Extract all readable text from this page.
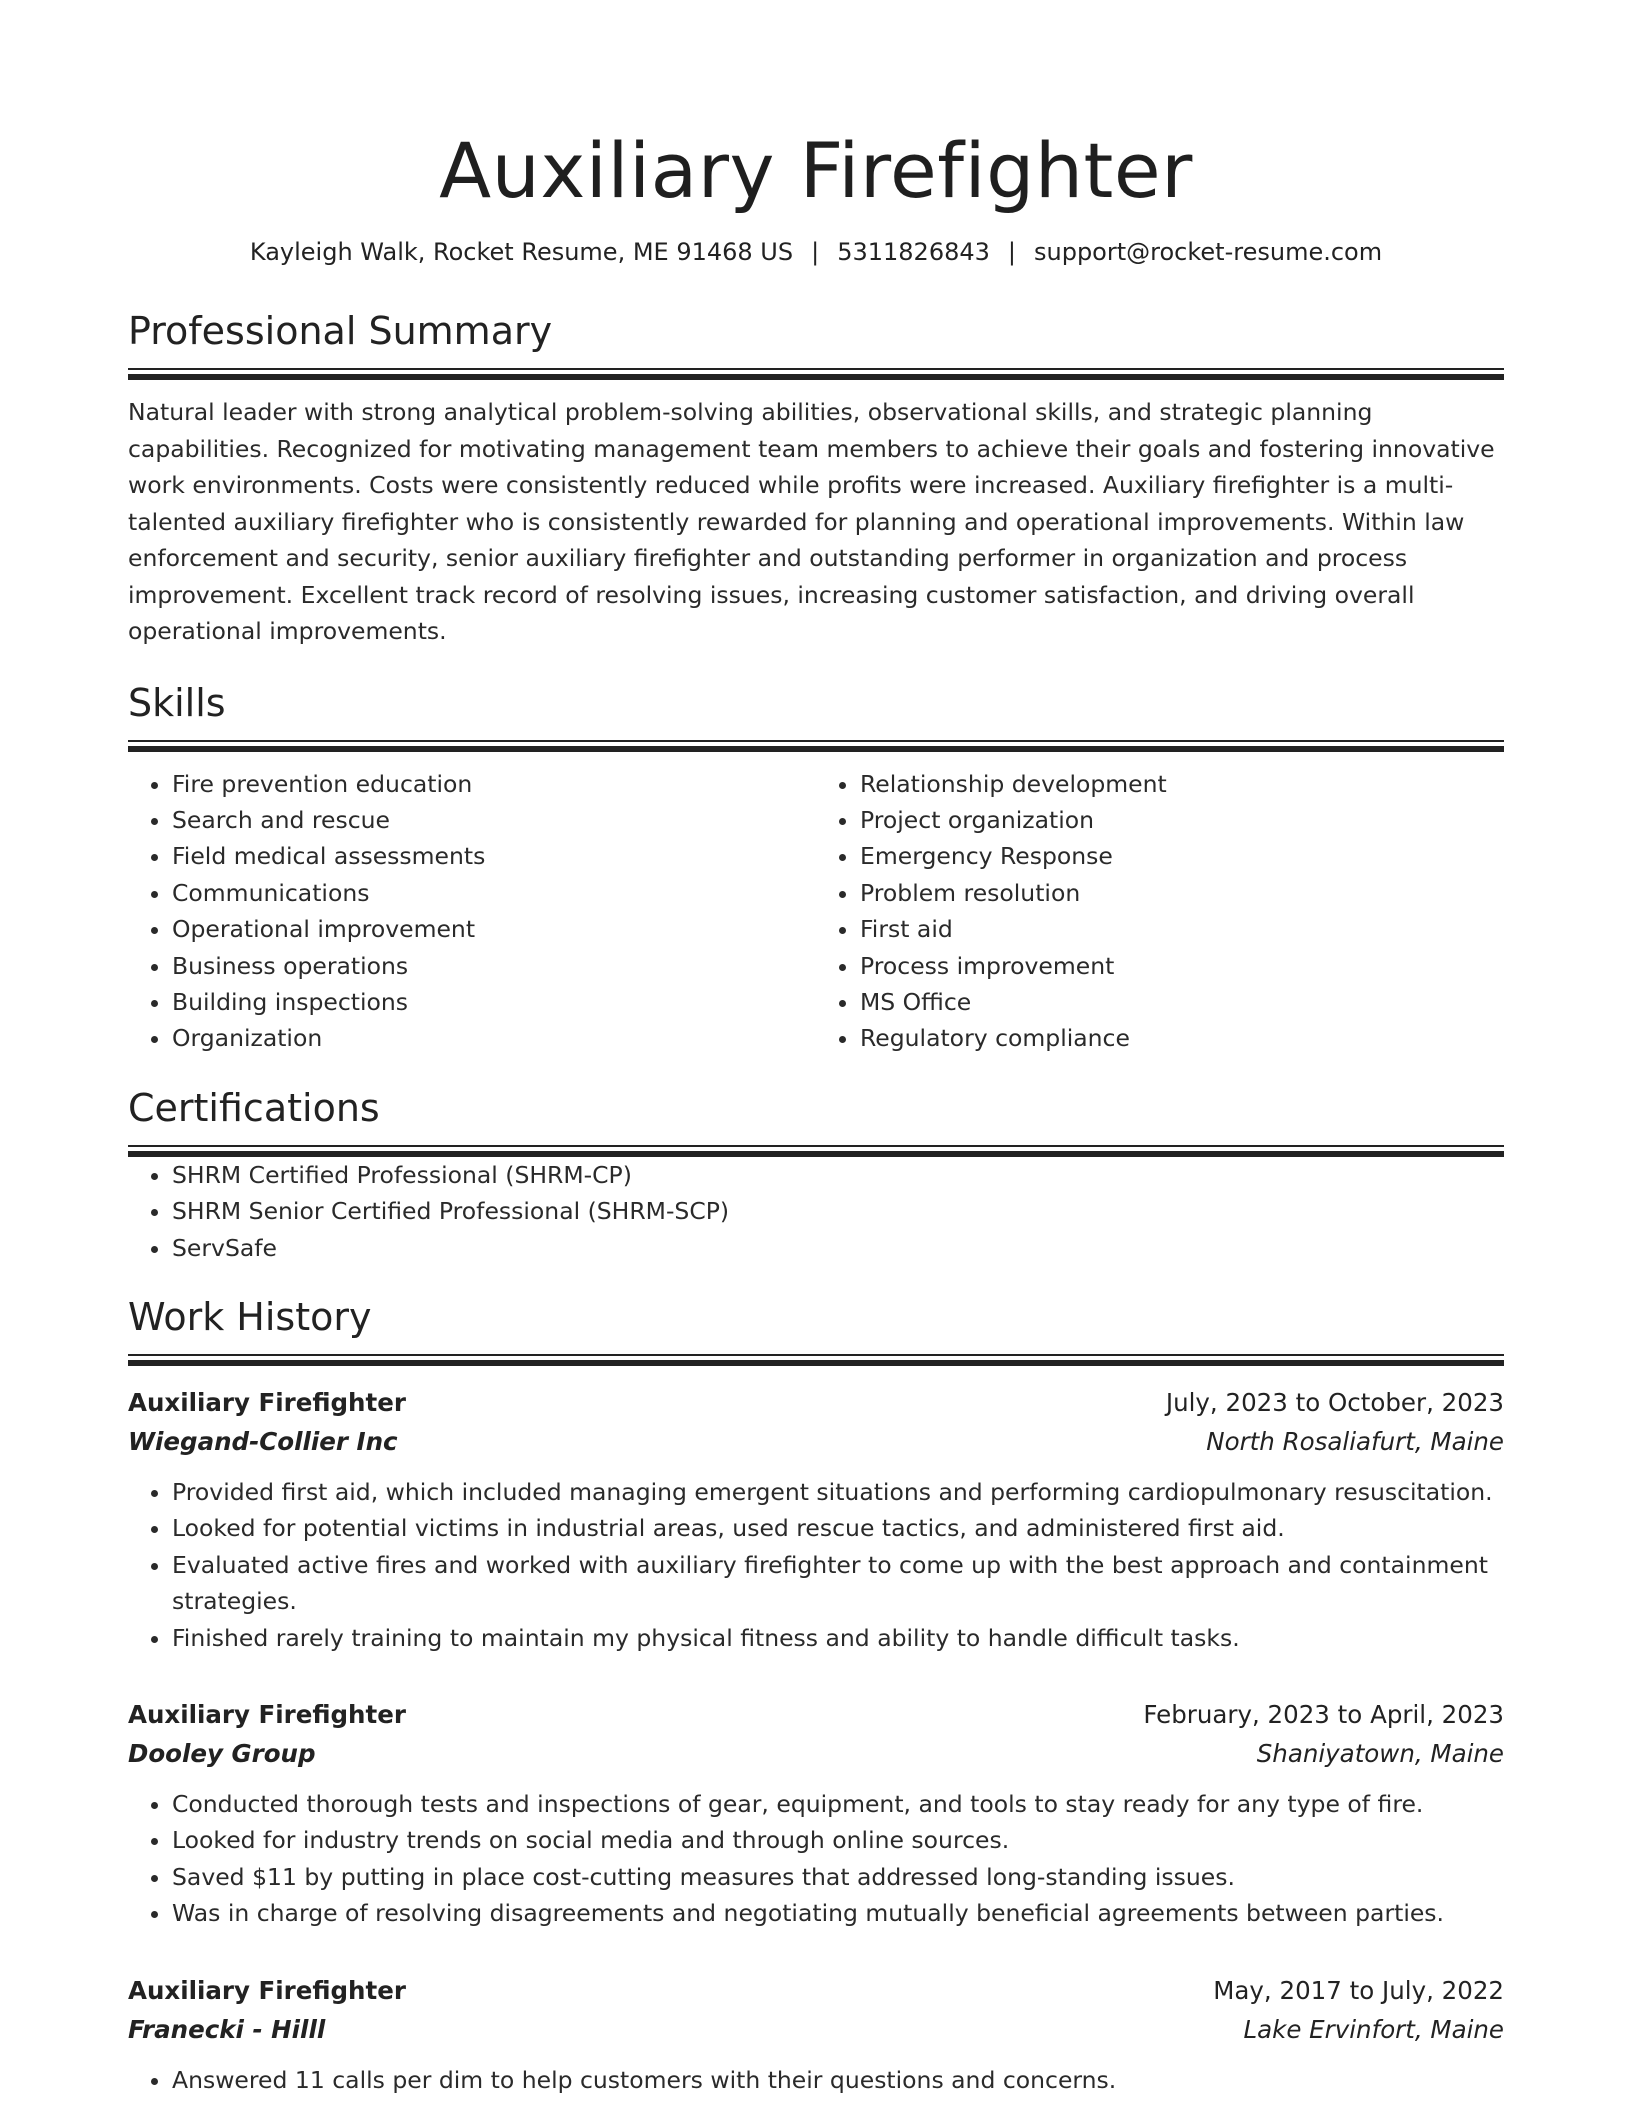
Auxiliary Firefighter
Kayleigh Walk, Rocket Resume, ME 91468 US | 5311826843 | support@rocket-resume.com
Professional Summary

Natural leader with strong analytical problem-solving abilities, observational skills, and strategic planning capabilities. Recognized for motivating management team members to achieve their goals and fostering innovative work environments. Costs were consistently reduced while profits were increased. Auxiliary firefighter is a multi-talented auxiliary firefighter who is consistently rewarded for planning and operational improvements. Within law enforcement and security, senior auxiliary firefighter and outstanding performer in organization and process improvement. Excellent track record of resolving issues, increasing customer satisfaction, and driving overall operational improvements.

Skills
• Fire prevention education
• Search and rescue
• Field medical assessments
• Communications
• Operational improvement
• Business operations
• Building inspections
• Organization
• Relationship development
• Project organization
• Emergency Response
• Problem resolution
• First aid
• Process improvement
• MS Office
• Regulatory compliance
Certifications
• SHRM Certified Professional (SHRM-CP)
• SHRM Senior Certified Professional (SHRM-SCP)
• ServSafe
Work History
Auxiliary Firefighter	July, 2023 to October, 2023
Wiegand-Collier Inc	North Rosaliafurt, Maine
• Provided first aid, which included managing emergent situations and performing cardiopulmonary resuscitation.
• Looked for potential victims in industrial areas, used rescue tactics, and administered first aid.
• Evaluated active fires and worked with auxiliary firefighter to come up with the best approach and containment strategies.
• Finished rarely training to maintain my physical fitness and ability to handle difficult tasks.
Auxiliary Firefighter	February, 2023 to April, 2023
Dooley Group	Shaniyatown, Maine
• Conducted thorough tests and inspections of gear, equipment, and tools to stay ready for any type of fire.
• Looked for industry trends on social media and through online sources.
• Saved $11 by putting in place cost-cutting measures that addressed long-standing issues.
• Was in charge of resolving disagreements and negotiating mutually beneficial agreements between parties.
Auxiliary Firefighter	May, 2017 to July, 2022
Franecki - Hilll	Lake Ervinfort, Maine
• Answered 11 calls per dim to help customers with their questions and concerns.
